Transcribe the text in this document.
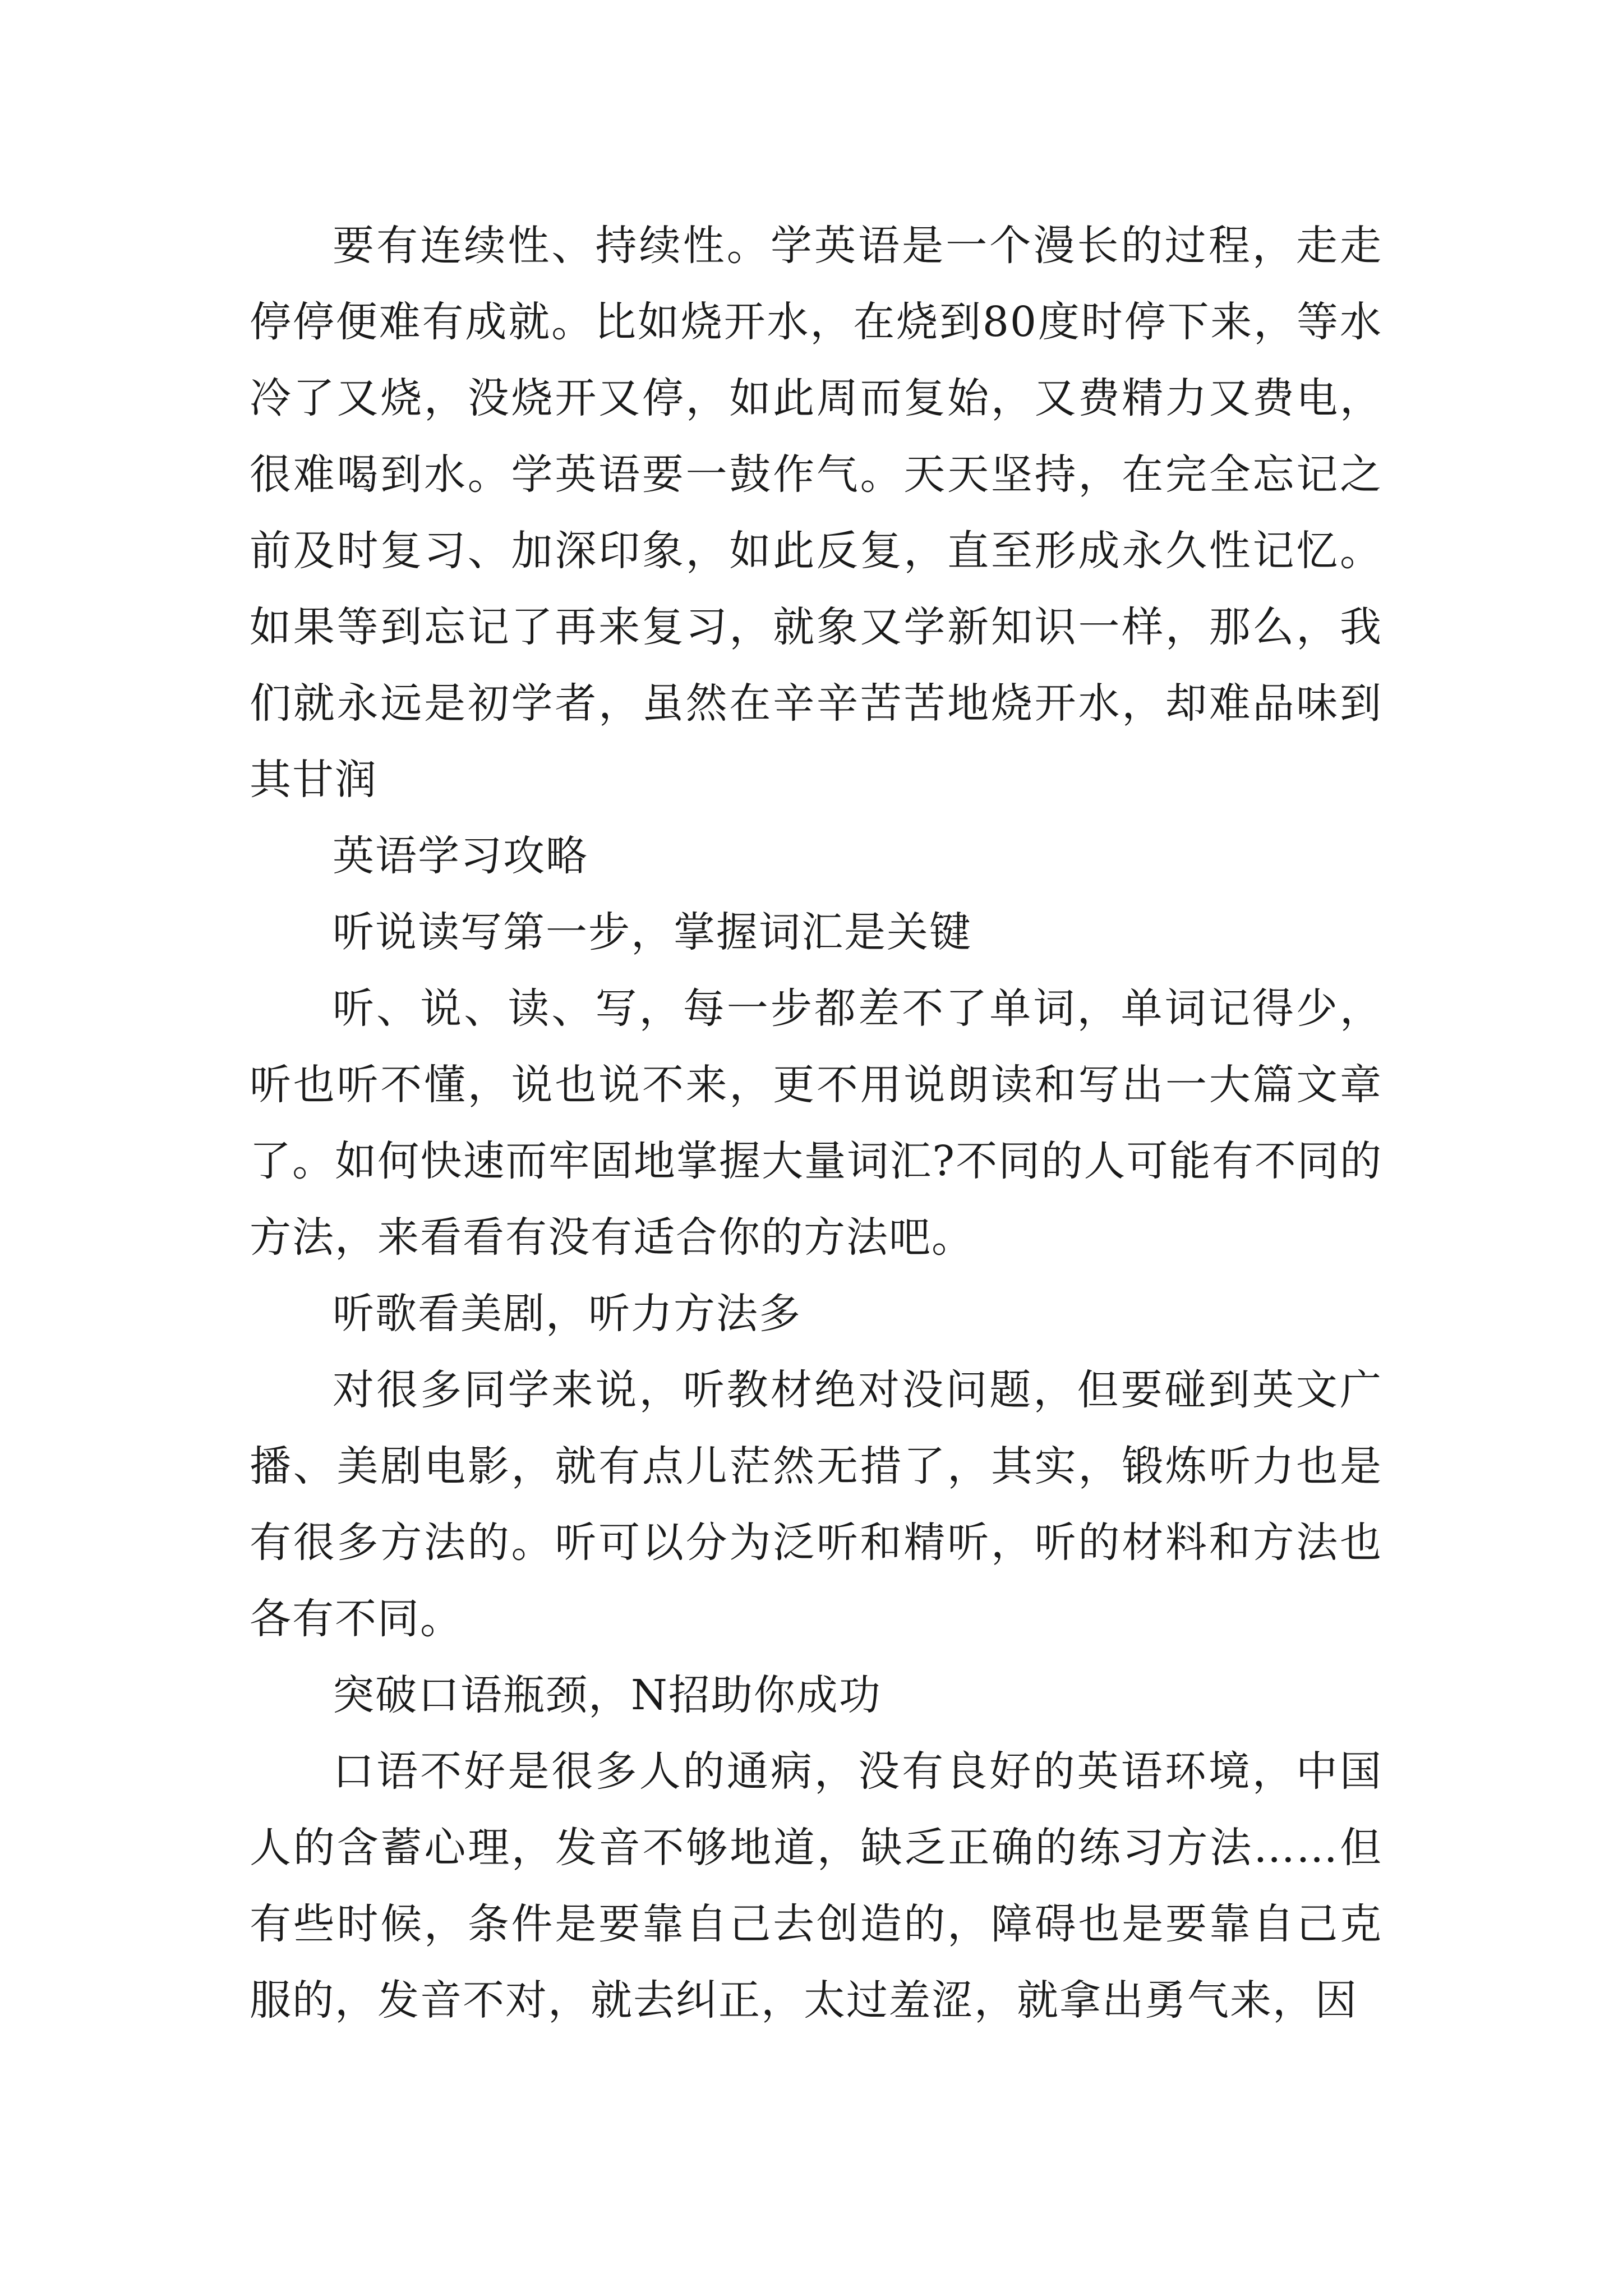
要有连续性、持续性。学英语是一个漫长的过程，走走停停便难有成就。比如烧开水，在烧到80度时停下来，等水冷了又烧，没烧开又停，如此周而复始，又费精力又费电，很难喝到水。学英语要一鼓作气。天天坚持，在完全忘记之前及时复习、加深印象，如此反复，直至形成永久性记忆。如果等到忘记了再来复习，就象又学新知识一样，那么，我们就永远是初学者，虽然在辛辛苦苦地烧开水，却难品味到其甘润

英语学习攻略

听说读写第一步，掌握词汇是关键

听、说、读、写，每一步都差不了单词，单词记得少，听也听不懂，说也说不来，更不用说朗读和写出一大篇文章了。如何快速而牢固地掌握大量词汇?不同的人可能有不同的方法，来看看有没有适合你的方法吧。

听歌看美剧，听力方法多

对很多同学来说，听教材绝对没问题，但要碰到英文广播、美剧电影，就有点儿茫然无措了，其实，锻炼听力也是有很多方法的。听可以分为泛听和精听，听的材料和方法也各有不同。

突破口语瓶颈，N招助你成功

口语不好是很多人的通病，没有良好的英语环境，中国人的含蓄心理，发音不够地道，缺乏正确的练习方法……但有些时候，条件是要靠自己去创造的，障碍也是要靠自己克服的，发音不对，就去纠正，太过羞涩，就拿出勇气来，因
